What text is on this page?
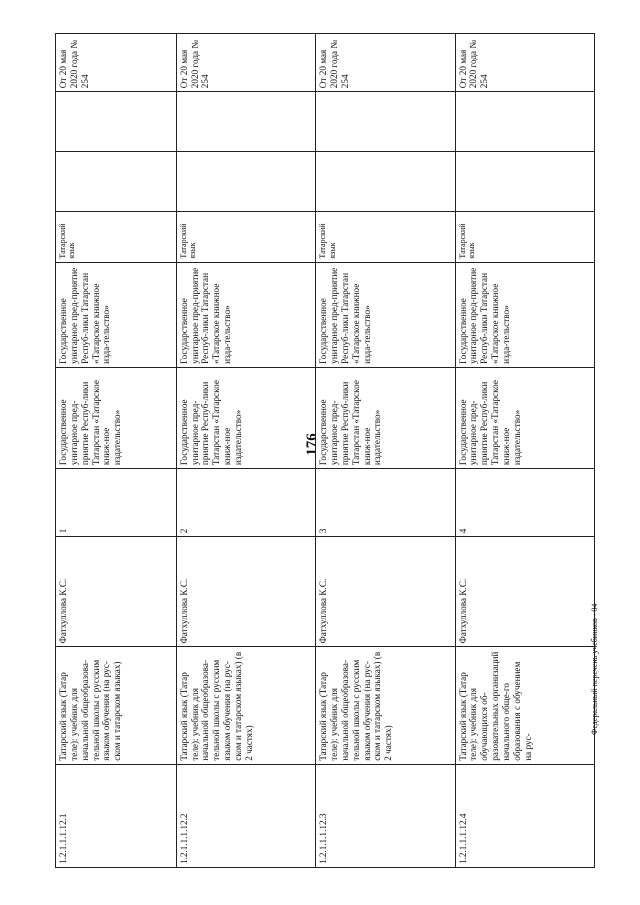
176
1.2.1.1.1.12.1	Татарский язык (Татар теле): учебник для начальной общеобразова-тельной школы с русским языком обучения (на рус-ском и татарском языках)	Фатхуллова К.С.	1	Государственное унитарное пред-приятие Респуб-лики Татарстан «Татарское книж-ное издательство»	Государственное унитарное пред-приятие Респуб-лики Татарстан «Татарское книжное изда-тельство»	Татарский язык			От 20 мая 2020 года № 254
1.2.1.1.1.12.2	Татарский язык (Татар теле): учебник для начальной общеобразова-тельной школы с русским языком обучения (на рус-ском и татарском языках) (в 2 частях)	Фатхуллова К.С.	2	Государственное унитарное пред-приятие Респуб-лики Татарстан «Татарское книж-ное издательство»	Государственное унитарное пред-приятие Респуб-лики Татарстан «Татарское книжное изда-тельство»	Татарский язык			От 20 мая 2020 года № 254
1.2.1.1.1.12.3	Татарский язык (Татар теле): учебник для начальной общеобразова-тельной школы с русским языком обучения (на рус-ском и татарском языках) (в 2 частях)	Фатхуллова К.С.	3	Государственное унитарное пред-приятие Респуб-лики Татарстан «Татарское книж-ное издательство»	Государственное унитарное пред-приятие Респуб-лики Татарстан «Татарское книжное изда-тельство»	Татарский язык			От 20 мая 2020 года № 254
1.2.1.1.1.12.4	Татарский язык (Татар теле): учебник для обучающихся об-разовательных организаций начального обще-го образования с обучением на рус-	Фатхуллова К.С.	4	Государственное унитарное пред-приятие Респуб-лики Татарстан «Татарское книж-ное издательство»	Государственное унитарное пред-приятие Респуб-лики Татарстан «Татарское книжное изда-тельство»	Татарский язык			От 20 мая 2020 года № 254
Федеральный перечень учебников - 04
